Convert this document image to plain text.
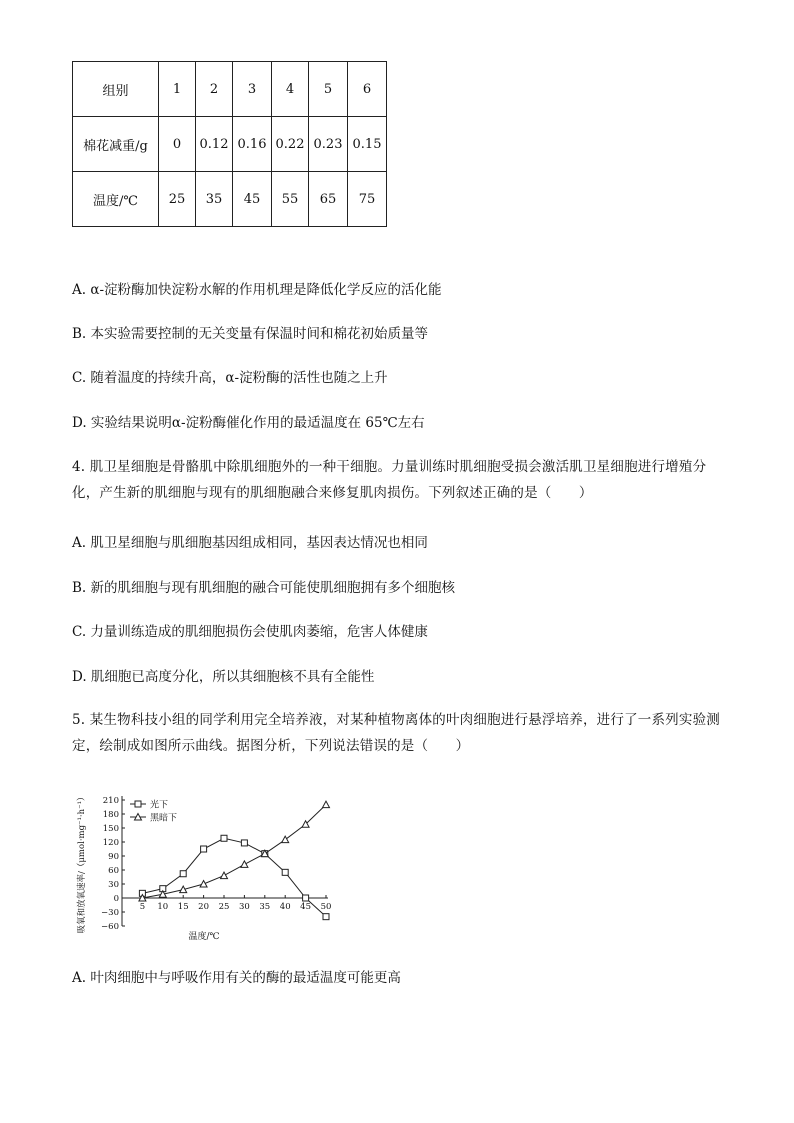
组别	1	2	3	4	5	6
棉花减重/g	0	0.12	0.16	0.22	0.23	0.15
温度/℃	25	35	45	55	65	75
A. α-淀粉酶加快淀粉水解的作用机理是降低化学反应的活化能
B. 本实验需要控制的无关变量有保温时间和棉花初始质量等
C. 随着温度的持续升高，α-淀粉酶的活性也随之上升
D. 实验结果说明α-淀粉酶催化作用的最适温度在 65℃左右
4. 肌卫星细胞是骨骼肌中除肌细胞外的一种干细胞。力量训练时肌细胞受损会激活肌卫星细胞进行增殖分化，产生新的肌细胞与现有的肌细胞融合来修复肌肉损伤。下列叙述正确的是（　　）
A. 肌卫星细胞与肌细胞基因组成相同，基因表达情况也相同
B. 新的肌细胞与现有肌细胞的融合可能使肌细胞拥有多个细胞核
C. 力量训练造成的肌细胞损伤会使肌肉萎缩，危害人体健康
D. 肌细胞已高度分化，所以其细胞核不具有全能性
5. 某生物科技小组的同学利用完全培养液，对某种植物离体的叶肉细胞进行悬浮培养，进行了一系列实验测定，绘制成如图所示曲线。据图分析，下列说法错误的是（　　）
210
180
150
120
90
60
30
0
−30
−60
5 10 15 20 25 30 35 40 45 50
温度/℃
吸氧和放氧速率/（μmol·mg⁻¹·h⁻¹）	光下
黑暗下
A. 叶肉细胞中与呼吸作用有关的酶的最适温度可能更高
